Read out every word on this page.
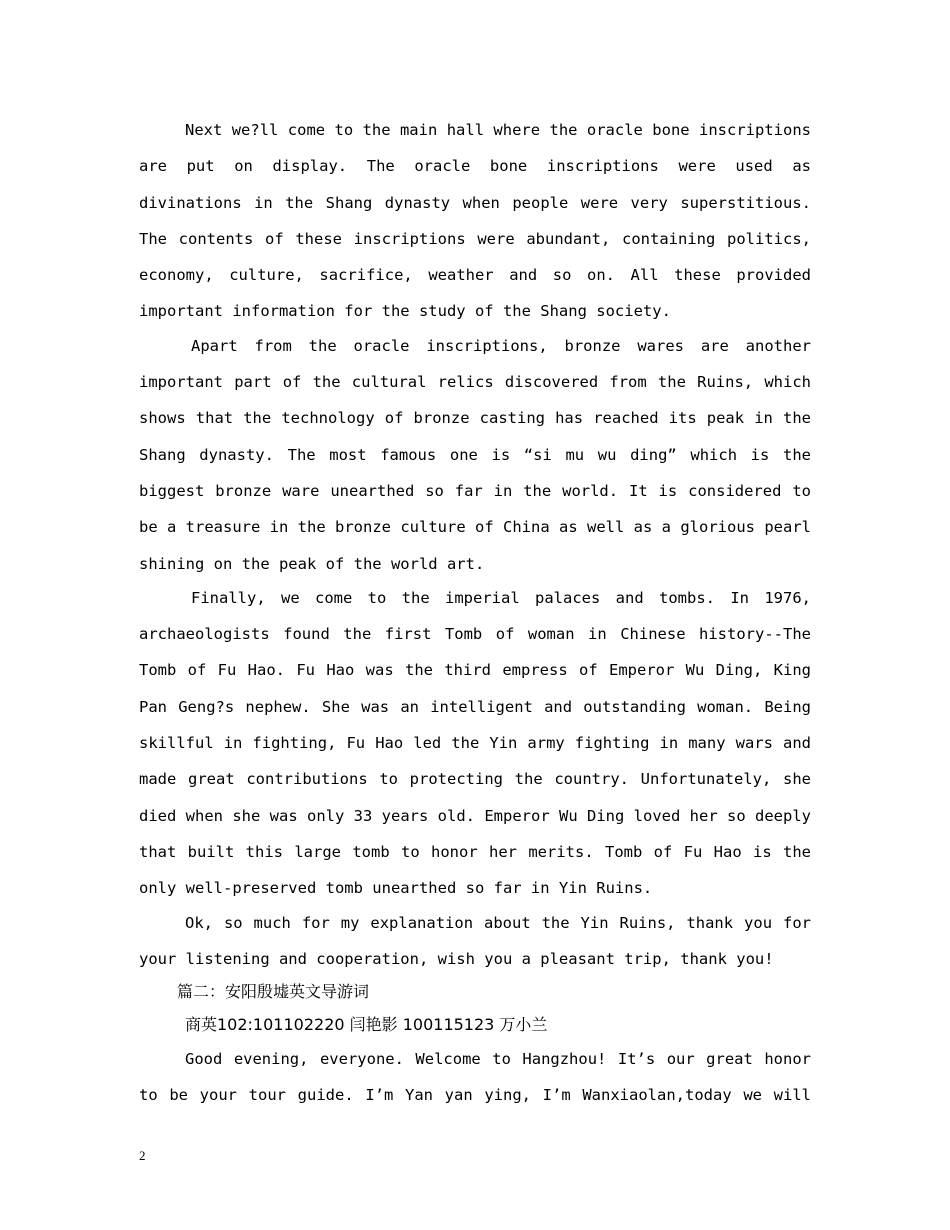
Next we?ll come to the main hall where the oracle bone inscriptions are put on display. The oracle bone inscriptions were used as divinations in the Shang dynasty when people were very superstitious. The contents of these inscriptions were abundant, containing politics, economy, culture, sacrifice, weather and so on. All these provided important information for the study of the Shang society.

Apart from the oracle inscriptions, bronze wares are another important part of the cultural relics discovered from the Ruins, which shows that the technology of bronze casting has reached its peak in the Shang dynasty. The most famous one is “si mu wu ding” which is the biggest bronze ware unearthed so far in the world. It is considered to be a treasure in the bronze culture of China as well as a glorious pearl shining on the peak of the world art.

Finally, we come to the imperial palaces and tombs. In 1976, archaeologists found the first Tomb of woman in Chinese history--The Tomb of Fu Hao. Fu Hao was the third empress of Emperor Wu Ding, King Pan Geng?s nephew. She was an intelligent and outstanding woman. Being skillful in fighting, Fu Hao led the Yin army fighting in many wars and made great contributions to protecting the country. Unfortunately, she died when she was only 33 years old. Emperor Wu Ding loved her so deeply that built this large tomb to honor her merits. Tomb of Fu Hao is the only well-preserved tomb unearthed so far in Yin Ruins.

Ok, so much for my explanation about the Yin Ruins, thank you for your listening and cooperation, wish you a pleasant trip, thank you!

篇二：安阳殷墟英文导游词

商英102:101102220 闫艳影 100115123 万小兰

Good evening, everyone. Welcome to Hangzhou! It’s our great honor to be your tour guide. I’m Yan yan ying, I’m Wanxiaolan,today we will

2
